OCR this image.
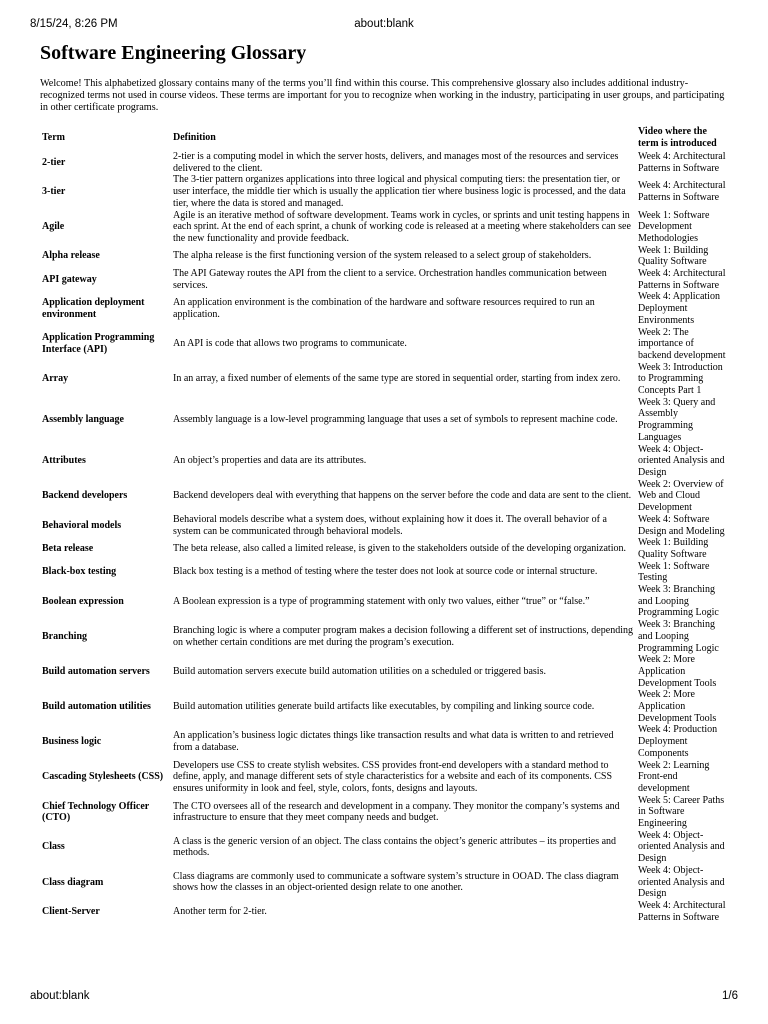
8/15/24, 8:26 PM	about:blank
Software Engineering Glossary

Welcome! This alphabetized glossary contains many of the terms you’ll find within this course. This comprehensive glossary also includes additional industry-recognized terms not used in course videos. These terms are important for you to recognize when working in the industry, participating in user groups, and participating in other certificate programs.

Term	Definition	Video where the term is introduced
2-tier	2-tier is a computing model in which the server hosts, delivers, and manages most of the resources and services delivered to the client.	Week 4: Architectural Patterns in Software
3-tier	The 3-tier pattern organizes applications into three logical and physical computing tiers: the presentation tier, or user interface, the middle tier which is usually the application tier where business logic is processed, and the data tier, where the data is stored and managed.	Week 4: Architectural Patterns in Software
Agile	Agile is an iterative method of software development. Teams work in cycles, or sprints and unit testing happens in each sprint. At the end of each sprint, a chunk of working code is released at a meeting where stakeholders can see the new functionality and provide feedback.	Week 1: Software Development Methodologies
Alpha release	The alpha release is the first functioning version of the system released to a select group of stakeholders.	Week 1: Building Quality Software
API gateway	The API Gateway routes the API from the client to a service. Orchestration handles communication between services.	Week 4: Architectural Patterns in Software
Application deployment environment	An application environment is the combination of the hardware and software resources required to run an application.	Week 4: Application Deployment Environments
Application Programming Interface (API)	An API is code that allows two programs to communicate.	Week 2: The importance of backend development
Array	In an array, a fixed number of elements of the same type are stored in sequential order, starting from index zero.	Week 3: Introduction to Programming Concepts Part 1
Assembly language	Assembly language is a low-level programming language that uses a set of symbols to represent machine code.	Week 3: Query and Assembly Programming Languages
Attributes	An object’s properties and data are its attributes.	Week 4: Object-oriented Analysis and Design
Backend developers	Backend developers deal with everything that happens on the server before the code and data are sent to the client.	Week 2: Overview of Web and Cloud Development
Behavioral models	Behavioral models describe what a system does, without explaining how it does it. The overall behavior of a system can be communicated through behavioral models.	Week 4: Software Design and Modeling
Beta release	The beta release, also called a limited release, is given to the stakeholders outside of the developing organization.	Week 1: Building Quality Software
Black-box testing	Black box testing is a method of testing where the tester does not look at source code or internal structure.	Week 1: Software Testing
Boolean expression	A Boolean expression is a type of programming statement with only two values, either “true” or “false.”	Week 3: Branching and Looping Programming Logic
Branching	Branching logic is where a computer program makes a decision following a different set of instructions, depending on whether certain conditions are met during the program’s execution.	Week 3: Branching and Looping Programming Logic
Build automation servers	Build automation servers execute build automation utilities on a scheduled or triggered basis.	Week 2: More Application Development Tools
Build automation utilities	Build automation utilities generate build artifacts like executables, by compiling and linking source code.	Week 2: More Application Development Tools
Business logic	An application’s business logic dictates things like transaction results and what data is written to and retrieved from a database.	Week 4: Production Deployment Components
Cascading Stylesheets (CSS)	Developers use CSS to create stylish websites. CSS provides front-end developers with a standard method to define, apply, and manage different sets of style characteristics for a website and each of its components. CSS ensures uniformity in look and feel, style, colors, fonts, designs and layouts.	Week 2: Learning Front-end development
Chief Technology Officer (CTO)	The CTO oversees all of the research and development in a company. They monitor the company’s systems and infrastructure to ensure that they meet company needs and budget.	Week 5: Career Paths in Software Engineering
Class	A class is the generic version of an object. The class contains the object’s generic attributes – its properties and methods.	Week 4: Object-oriented Analysis and Design
Class diagram	Class diagrams are commonly used to communicate a software system’s structure in OOAD. The class diagram shows how the classes in an object-oriented design relate to one another.	Week 4: Object-oriented Analysis and Design
Client-Server	Another term for 2-tier.	Week 4: Architectural Patterns in Software
about:blank	1/6
